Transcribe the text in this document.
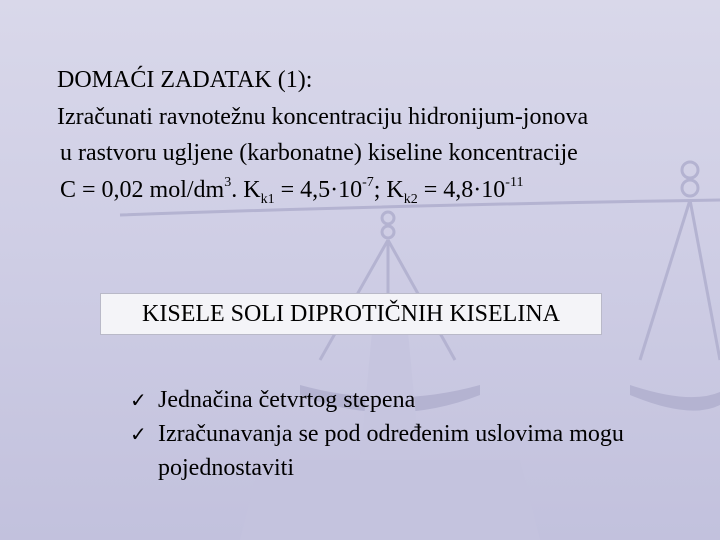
DOMAĆI ZADATAK (1):
Izračunati ravnotežnu koncentraciju hidronijum-jonova
u rastvoru ugljene (karbonatne) kiseline koncentracije
C = 0,02 mol/$dm^3$. $K_{k1} = 4,5\cdot 10^{-7}$; $K_{k2} = 4,8\cdot 10^{-11}$
KISELE SOLI DIPROTIČNIH KISELINA
✓ Jednačina četvrtog stepena
✓ Izračunavanja se pod određenim uslovima mogu pojednostaviti
